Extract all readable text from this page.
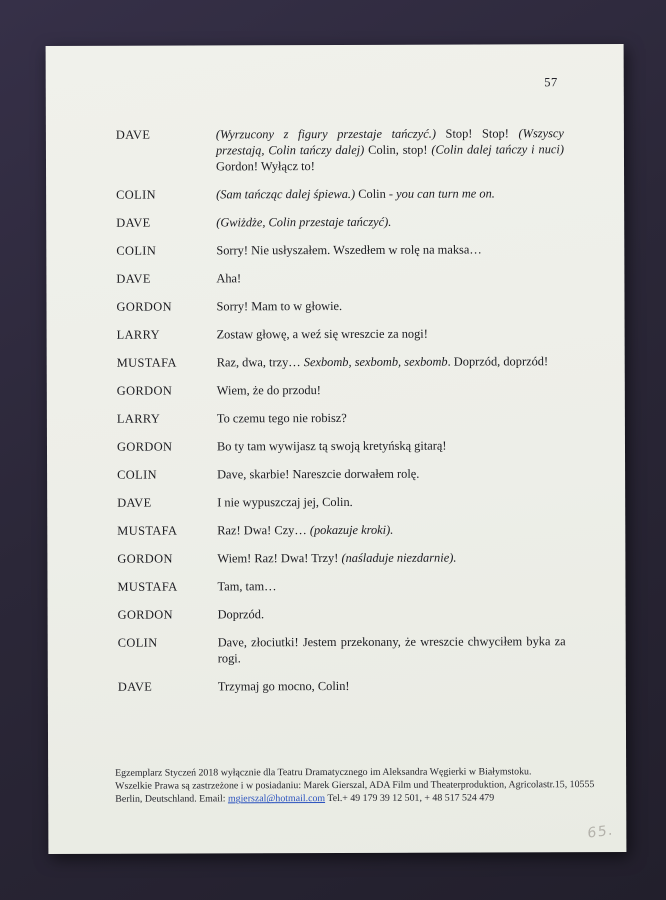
57
DAVE	(Wyrzucony z figury przestaje tańczyć.) Stop! Stop! (Wszyscy przestają, Colin tańczy dalej) Colin, stop! (Colin dalej tańczy i nuci) Gordon! Wyłącz to!
COLIN	(Sam tańcząc dalej śpiewa.) Colin - you can turn me on.
DAVE	(Gwiżdże, Colin przestaje tańczyć).
COLIN	Sorry! Nie usłyszałem. Wszedłem w rolę na maksa…
DAVE	Aha!
GORDON	Sorry! Mam to w głowie.
LARRY	Zostaw głowę, a weź się wreszcie za nogi!
MUSTAFA	Raz, dwa, trzy… Sexbomb, sexbomb, sexbomb. Doprzód, doprzód!
GORDON	Wiem, że do przodu!
LARRY	To czemu tego nie robisz?
GORDON	Bo ty tam wywijasz tą swoją kretyńską gitarą!
COLIN	Dave, skarbie! Nareszcie dorwałem rolę.
DAVE	I nie wypuszczaj jej, Colin.
MUSTAFA	Raz! Dwa! Czy… (pokazuje kroki).
GORDON	Wiem! Raz! Dwa! Trzy! (naśladuje niezdarnie).
MUSTAFA	Tam, tam…
GORDON	Doprzód.
COLIN	Dave, złociutki! Jestem przekonany, że wreszcie chwyciłem byka za rogi.
DAVE	Trzymaj go mocno, Colin!
Egzemplarz Styczeń 2018 wyłącznie dla Teatru Dramatycznego im Aleksandra Węgierki w Białymstoku.
Wszelkie Prawa są zastrzeżone i w posiadaniu: Marek Gierszal, ADA Film und Theaterproduktion, Agricolastr.15, 10555
Berlin, Deutschland. Email: mgierszal@hotmail.com Tel.+ 49 179 39 12 501, + 48 517 524 479
65.
